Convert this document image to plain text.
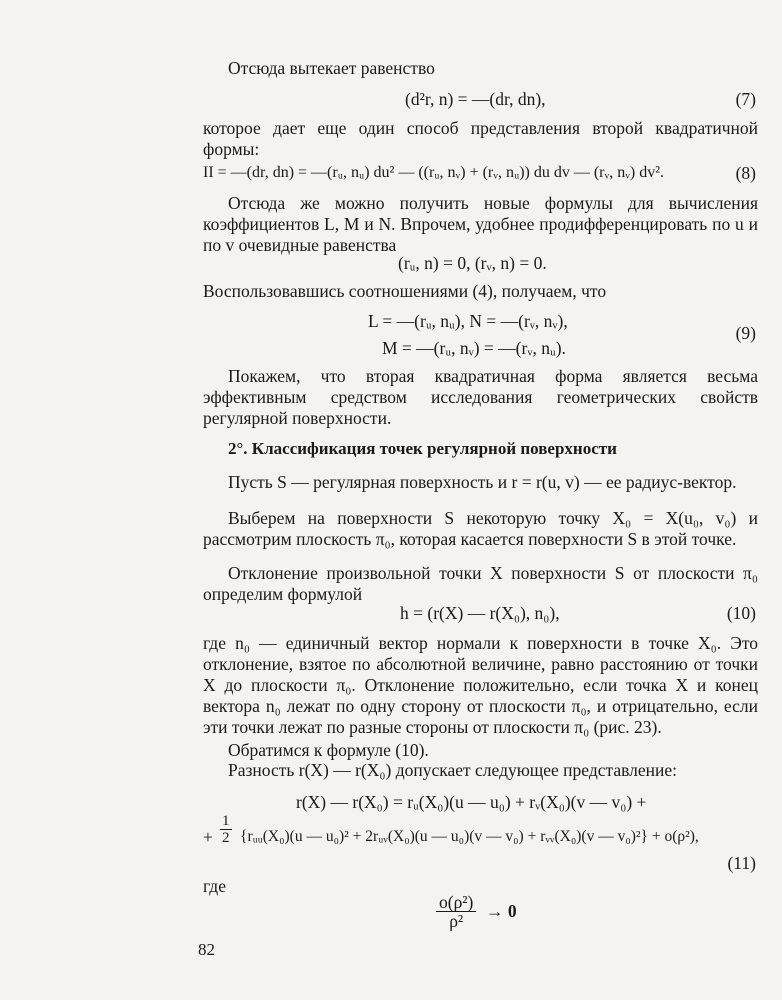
Отсюда вытекает равенство
(d²r, n) = —(dr, dn),	(7)
которое дает еще один способ представления второй квадратичной формы:
II = —(dr, dn) = —(rᵤ, nᵤ) du² — ((rᵤ, nᵥ) + (rᵥ, nᵤ)) du dv — (rᵥ, nᵥ) dv².	(8)
Отсюда же можно получить новые формулы для вычисления коэффициентов L, M и N. Впрочем, удобнее продифференцировать по u и по v очевидные равенства
(rᵤ, n) = 0, (rᵥ, n) = 0.
Воспользовавшись соотношениями (4), получаем, что
L = —(rᵤ, nᵤ), N = —(rᵥ, nᵥ),
M = —(rᵤ, nᵥ) = —(rᵥ, nᵤ).
(9)
Покажем, что вторая квадратичная форма является весьма эффективным средством исследования геометрических свойств регулярной поверхности.
2°. Классификация точек регулярной поверхности
Пусть S — регулярная поверхность и r = r(u, v) — ее радиус-вектор.
Выберем на поверхности S некоторую точку X₀ = X(u₀, v₀) и рассмотрим плоскость π₀, которая касается поверхности S в этой точке.
Отклонение произвольной точки X поверхности S от плоскости π₀ определим формулой
h = (r(X) — r(X₀), n₀),	(10)
где n₀ — единичный вектор нормали к поверхности в точке X₀. Это отклонение, взятое по абсолютной величине, равно расстоянию от точки X до плоскости π₀. Отклонение положительно, если точка X и конец вектора n₀ лежат по одну сторону от плоскости π₀, и отрицательно, если эти точки лежат по разные стороны от плоскости π₀ (рис. 23).
Обратимся к формуле (10).
Разность r(X) — r(X₀) допускает следующее представление:
r(X) — r(X₀) = rᵤ(X₀)(u — u₀) + rᵥ(X₀)(v — v₀) +
+ $\frac{1}{2}$ {rᵤᵤ(X₀)(u — u₀)² + 2rᵤᵥ(X₀)(u — u₀)(v — v₀) + rᵥᵥ(X₀)(v — v₀)²} + o(ρ²),
(11)
где
$\frac{\text{o(ρ²)}}{\text{ρ²}} \to 0$
82
